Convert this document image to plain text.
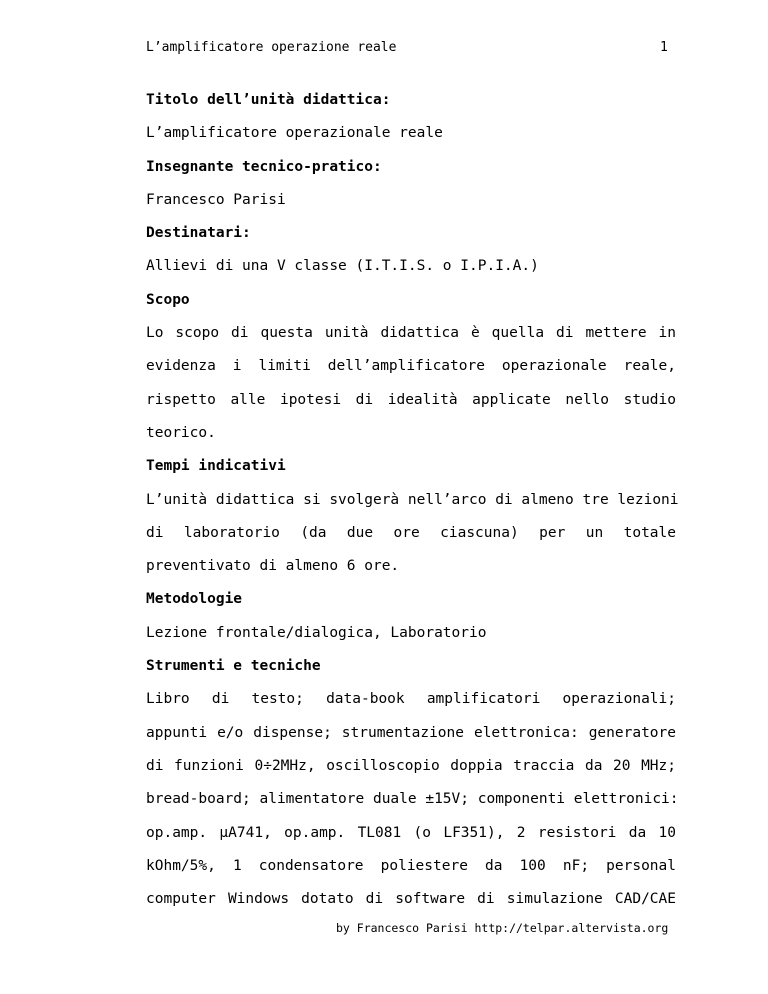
L’amplificatore operazione reale	1
Titolo dell’unità didattica:
L’amplificatore operazionale reale
Insegnante tecnico-pratico:
Francesco Parisi
Destinatari:
Allievi di una V classe (I.T.I.S. o I.P.I.A.)
Scopo
Lo scopo di questa unità didattica è quella di mettere in
evidenza i limiti dell’amplificatore operazionale reale,
rispetto alle ipotesi di idealità applicate nello studio
teorico.
Tempi indicativi
L’unità didattica si svolgerà nell’arco di almeno tre lezioni
di laboratorio (da due ore ciascuna) per un totale
preventivato di almeno 6 ore.
Metodologie
Lezione frontale/dialogica, Laboratorio
Strumenti e tecniche
Libro di testo; data-book amplificatori operazionali;
appunti e/o dispense; strumentazione elettronica: generatore
di funzioni 0÷2MHz, oscilloscopio doppia traccia da 20 MHz;
bread-board; alimentatore duale ±15V; componenti elettronici:
op.amp. µA741, op.amp. TL081 (o LF351), 2 resistori da 10
kOhm/5%, 1 condensatore poliestere da 100 nF; personal
computer Windows dotato di software di simulazione CAD/CAE
by Francesco Parisi http://telpar.altervista.org
